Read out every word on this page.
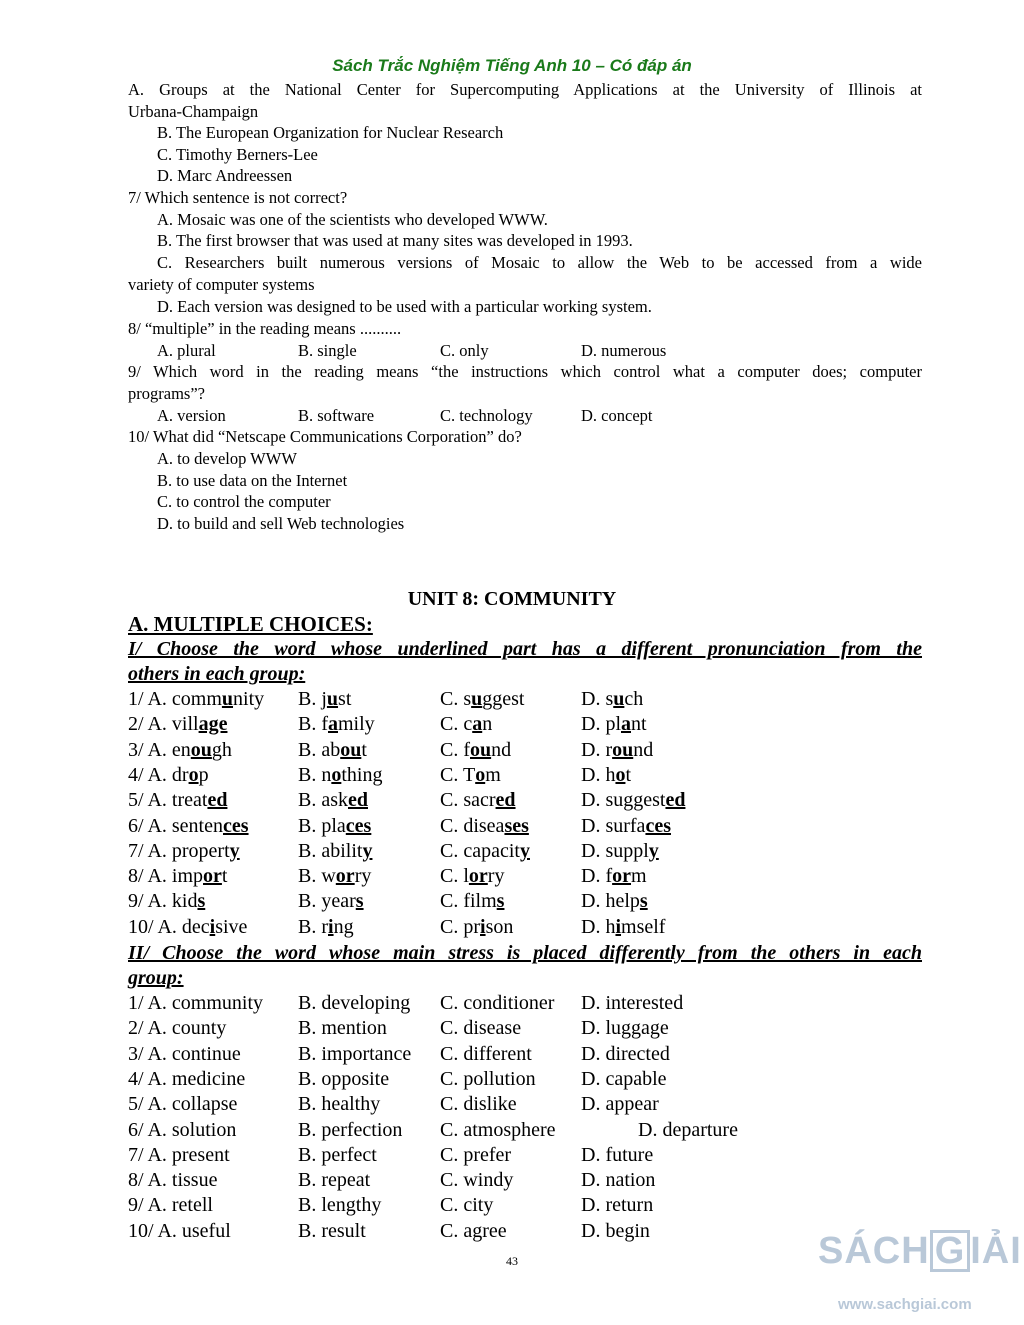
Sách Trắc Nghiệm Tiếng Anh 10 – Có đáp án
A. Groups at the National Center for Supercomputing Applications at the University of Illinois at
Urbana-Champaign
B. The European Organization for Nuclear Research
C. Timothy Berners-Lee
D. Marc Andreessen
7/ Which sentence is not correct?
A. Mosaic was one of the scientists who developed WWW.
B. The first browser that was used at many sites was developed in 1993.
C. Researchers built numerous versions of Mosaic to allow the Web to be accessed from a wide
variety of computer systems
D. Each version was designed to be used with a particular working system.
8/ “multiple” in the reading means ..........
A. plural	B. single	C. only	D. numerous
9/ Which word in the reading means “the instructions which control what a computer does; computer
programs”?
A. version	B. software	C. technology	D. concept
10/ What did “Netscape Communications Corporation” do?
A. to develop WWW
B. to use data on the Internet
C. to control the computer
D. to build and sell Web technologies
UNIT 8: COMMUNITY
A. MULTIPLE CHOICES:
I/ Choose the word whose underlined part has a different pronunciation from the
others in each group:
1/ A. community B. just	C. suggest	D. such
2/ A. village	B. family	C. can	D. plant
3/ A. enough	B. about	C. found	D. round
4/ A. drop	B. nothing	C. Tom	D. hot
5/ A. treated	B. asked	C. sacred	D. suggested
6/ A. sentences B. places	C. diseases	D. surfaces
7/ A. property	B. ability	C. capacity	D. supply
8/ A. import	B. worry	C. lorry	D. form
9/ A. kids	B. years	C. films	D. helps
10/ A. decisive	B. ring	C. prison	D. himself
II/ Choose the word whose main stress is placed differently from the others in each
group:
1/ A. community B. developing C. conditioner D. interested
2/ A. county	B. mention	C. disease	D. luggage
3/ A. continue	B. importance C. different D. directed
4/ A. medicine	B. opposite	C. pollution D. capable
5/ A. collapse	B. healthy	C. dislike	D. appear
6/ A. solution	B. perfection C. atmosphere	D. departure
7/ A. present	B. perfect	C. prefer	D. future
8/ A. tissue	B. repeat	C. windy	D. nation
9/ A. retell	B. lengthy	C. city	D. return
10/ A. useful	B. result	C. agree	D. begin
43	SÁCH G IẢI
www.sachgiai.com
